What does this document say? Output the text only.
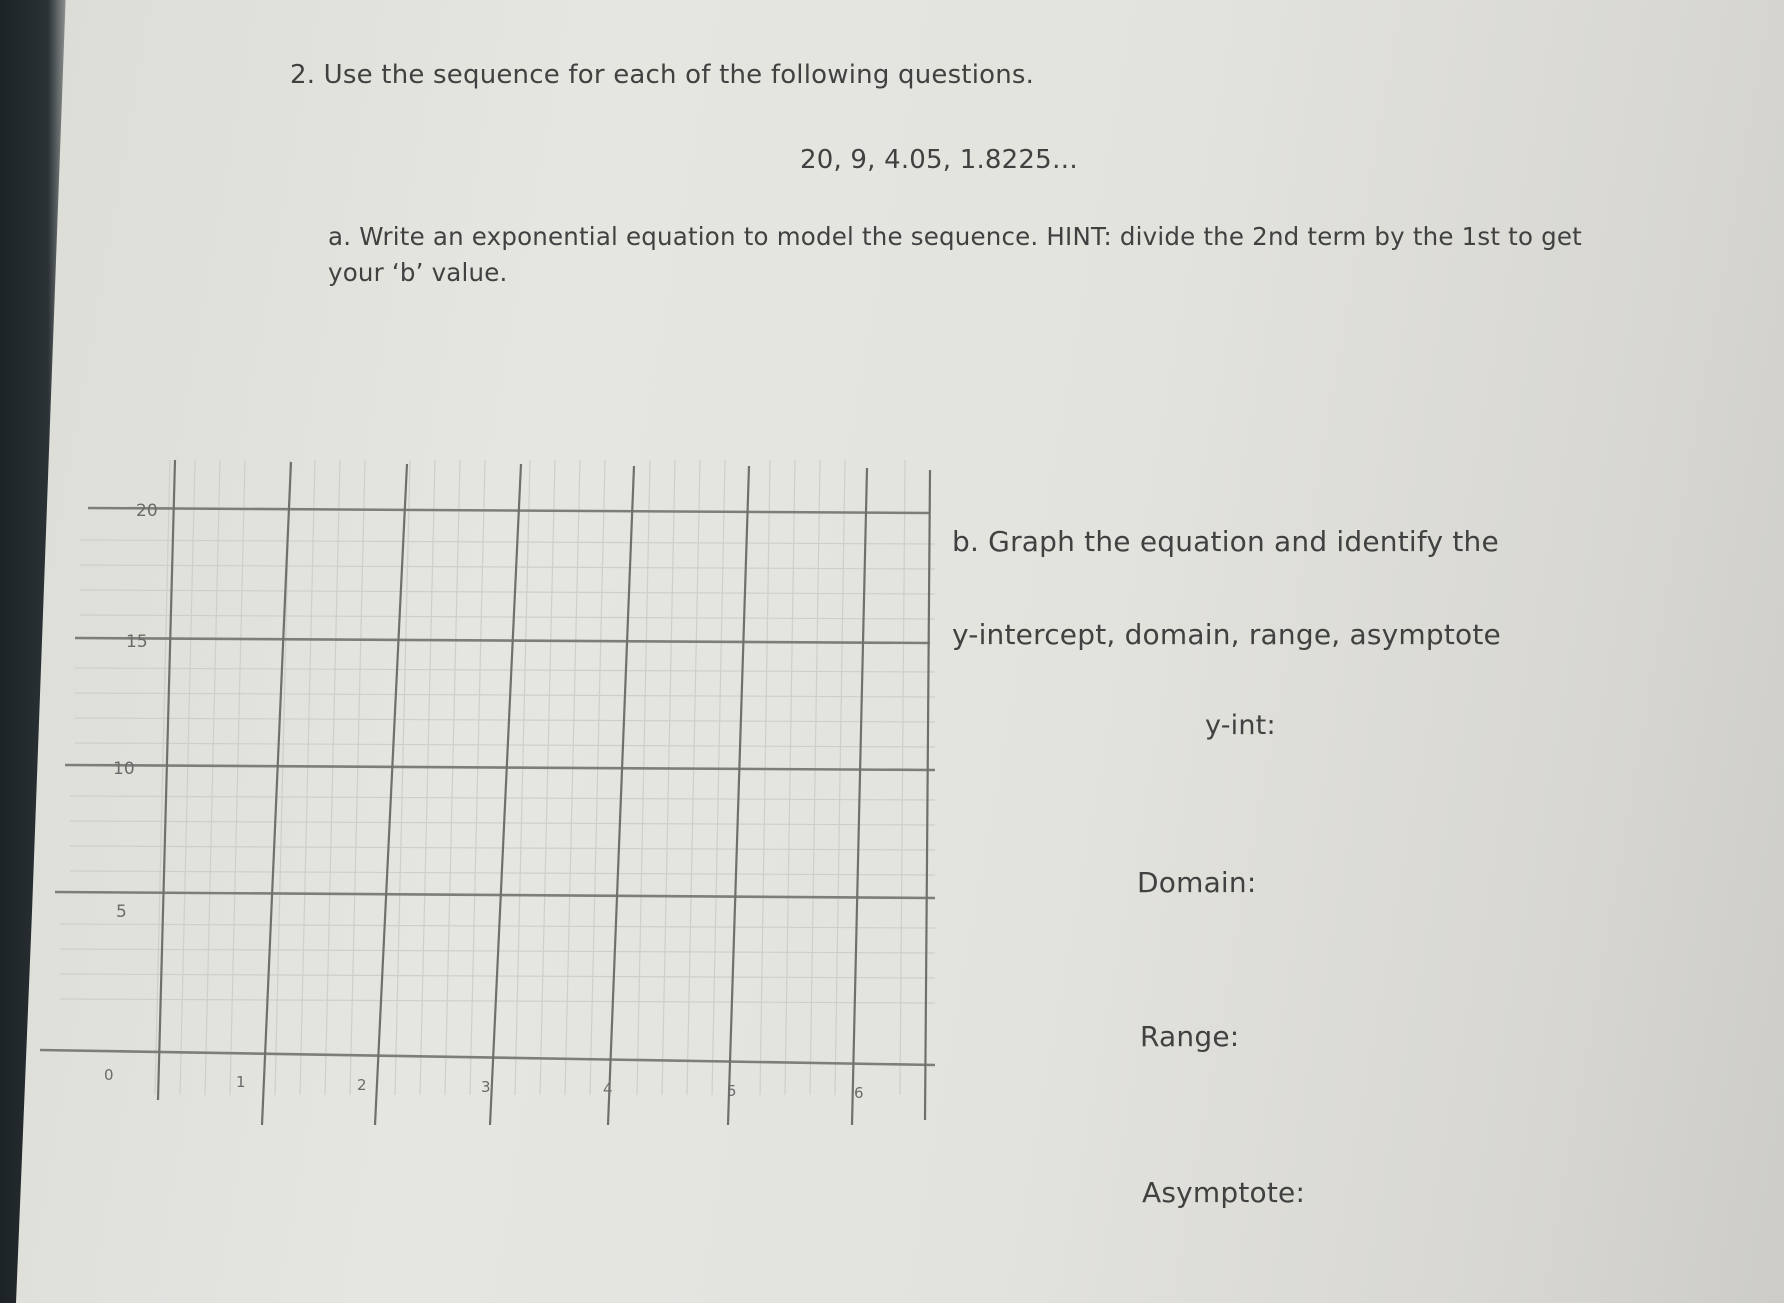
2. Use the sequence for each of the following questions.
20, 9, 4.05, 1.8225…
a. Write an exponential equation to model the sequence. HINT: divide the 2nd term by the 1st to get
your ‘b’ value.
20
15
10
5
0	1	2	3	4	5	6
b. Graph the equation and identify the
y-intercept, domain, range, asymptote
y-int:
Domain:
Range:
Asymptote:
